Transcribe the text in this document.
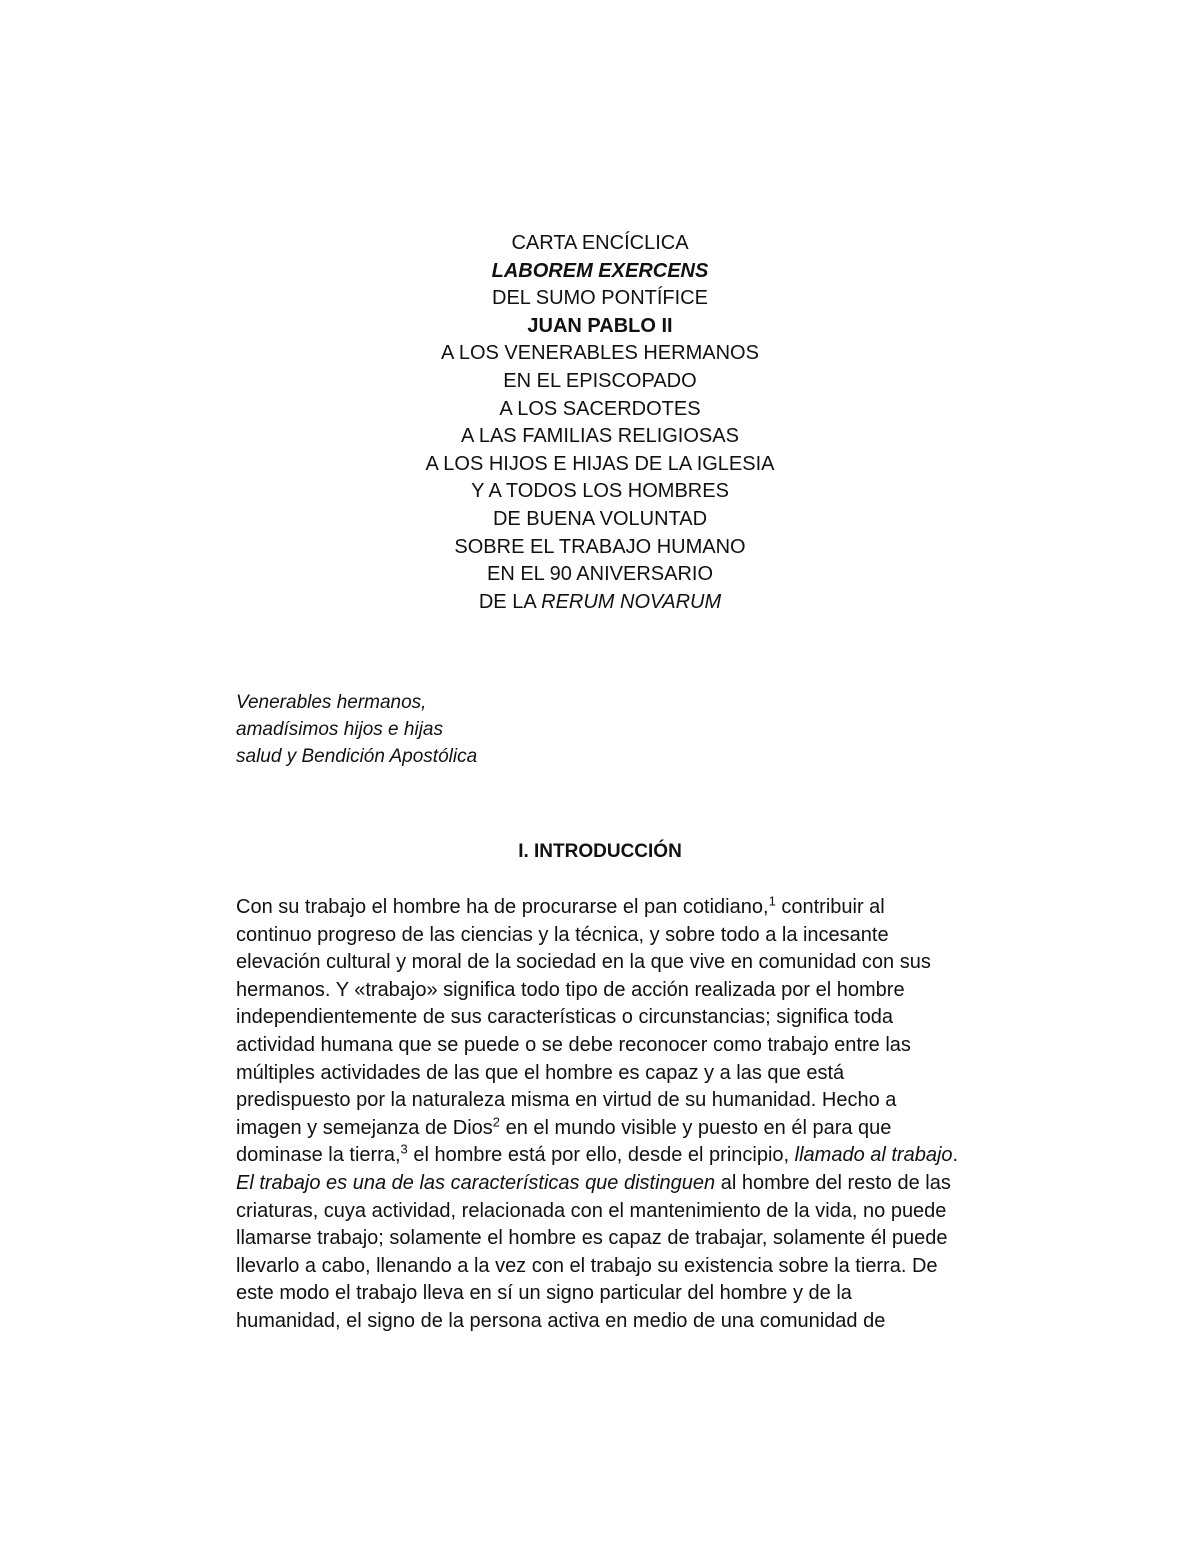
CARTA ENCÍCLICA
LABOREM EXERCENS
DEL SUMO PONTÍFICE
JUAN PABLO II
A LOS VENERABLES HERMANOS
EN EL EPISCOPADO
A LOS SACERDOTES
A LAS FAMILIAS RELIGIOSAS
A LOS HIJOS E HIJAS DE LA IGLESIA
Y A TODOS LOS HOMBRES
DE BUENA VOLUNTAD
SOBRE EL TRABAJO HUMANO
EN EL 90 ANIVERSARIO
DE LA RERUM NOVARUM
Venerables hermanos,
amadísimos hijos e hijas
salud y Bendición Apostólica
I. INTRODUCCIÓN
Con su trabajo el hombre ha de procurarse el pan cotidiano,$^1$ contribuir al
continuo progreso de las ciencias y la técnica, y sobre todo a la incesante
elevación cultural y moral de la sociedad en la que vive en comunidad con sus
hermanos. Y «trabajo» significa todo tipo de acción realizada por el hombre
independientemente de sus características o circunstancias; significa toda
actividad humana que se puede o se debe reconocer como trabajo entre las
múltiples actividades de las que el hombre es capaz y a las que está
predispuesto por la naturaleza misma en virtud de su humanidad. Hecho a
imagen y semejanza de Dios$^2$ en el mundo visible y puesto en él para que
dominase la tierra,$^3$ el hombre está por ello, desde el principio, llamado al trabajo.
El trabajo es una de las características que distinguen al hombre del resto de las
criaturas, cuya actividad, relacionada con el mantenimiento de la vida, no puede
llamarse trabajo; solamente el hombre es capaz de trabajar, solamente él puede
llevarlo a cabo, llenando a la vez con el trabajo su existencia sobre la tierra. De
este modo el trabajo lleva en sí un signo particular del hombre y de la
humanidad, el signo de la persona activa en medio de una comunidad de
